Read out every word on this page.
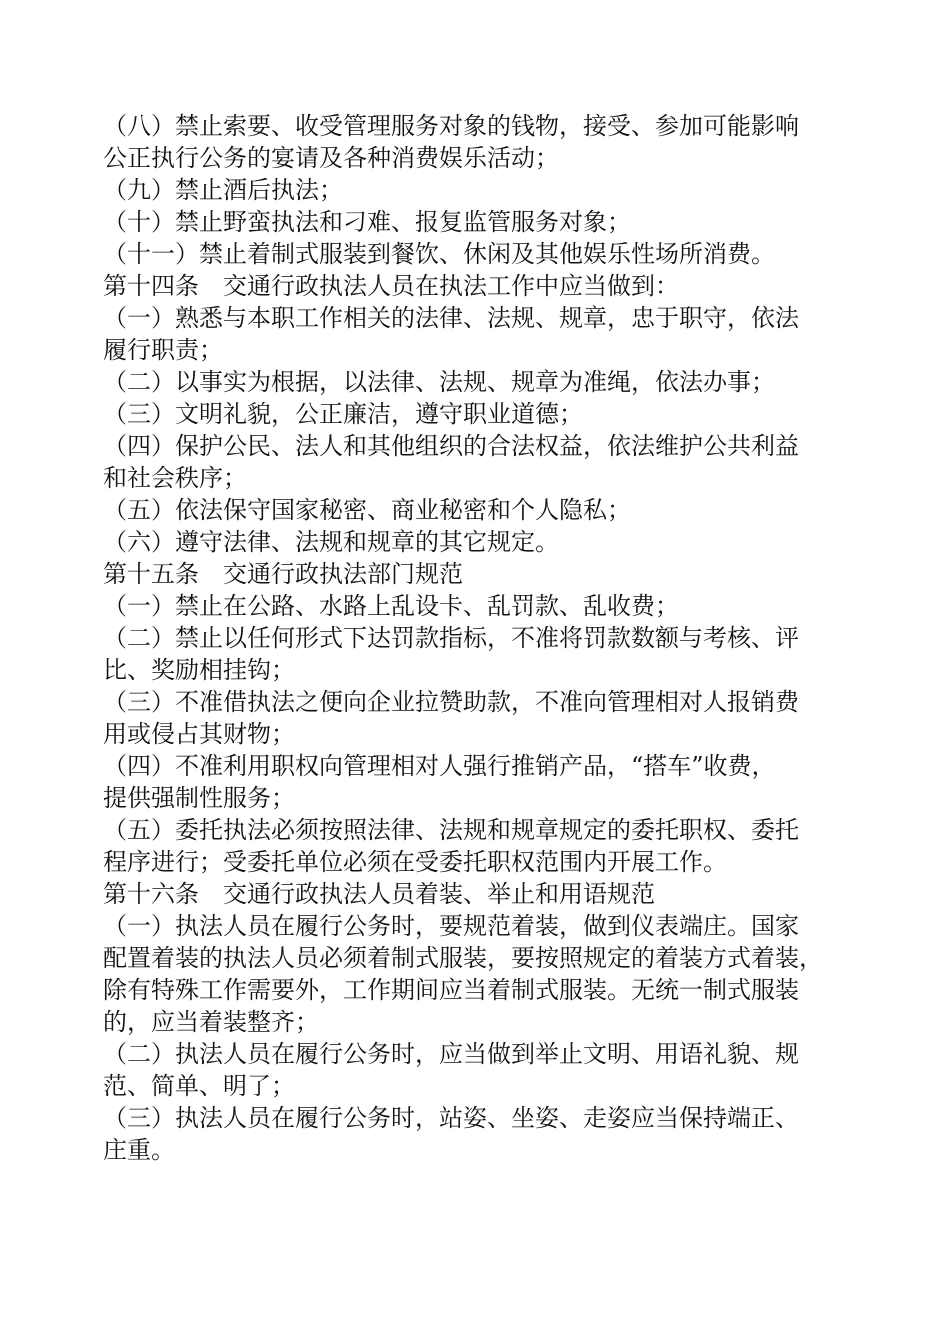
（八）禁止索要、收受管理服务对象的钱物，接受、参加可能影响
公正执行公务的宴请及各种消费娱乐活动；
（九）禁止酒后执法；
（十）禁止野蛮执法和刁难、报复监管服务对象；
（十一）禁止着制式服装到餐饮、休闲及其他娱乐性场所消费。
第十四条　交通行政执法人员在执法工作中应当做到：
（一）熟悉与本职工作相关的法律、法规、规章，忠于职守，依法
履行职责；
（二）以事实为根据，以法律、法规、规章为准绳，依法办事；
（三）文明礼貌，公正廉洁，遵守职业道德；
（四）保护公民、法人和其他组织的合法权益，依法维护公共利益
和社会秩序；
（五）依法保守国家秘密、商业秘密和个人隐私；
（六）遵守法律、法规和规章的其它规定。
第十五条　交通行政执法部门规范
（一）禁止在公路、水路上乱设卡、乱罚款、乱收费；
（二）禁止以任何形式下达罚款指标，不准将罚款数额与考核、评
比、奖励相挂钩；
（三）不准借执法之便向企业拉赞助款，不准向管理相对人报销费
用或侵占其财物；
（四）不准利用职权向管理相对人强行推销产品，“搭车”收费，
提供强制性服务；
（五）委托执法必须按照法律、法规和规章规定的委托职权、委托
程序进行；受委托单位必须在受委托职权范围内开展工作。
第十六条　交通行政执法人员着装、举止和用语规范
（一）执法人员在履行公务时，要规范着装，做到仪表端庄。国家
配置着装的执法人员必须着制式服装，要按照规定的着装方式着装，
除有特殊工作需要外，工作期间应当着制式服装。无统一制式服装
的，应当着装整齐；
（二）执法人员在履行公务时，应当做到举止文明、用语礼貌、规
范、简单、明了；
（三）执法人员在履行公务时，站姿、坐姿、走姿应当保持端正、
庄重。
